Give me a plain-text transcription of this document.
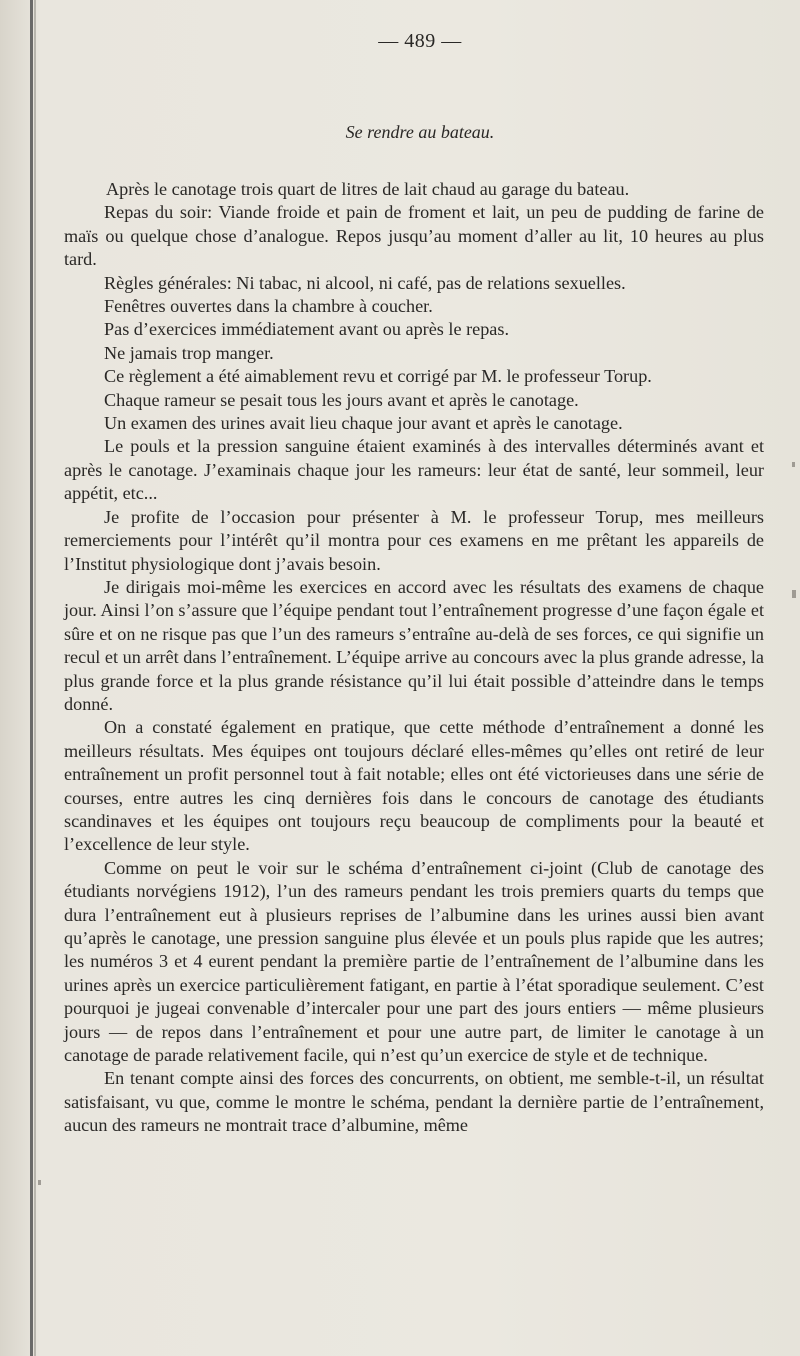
— 489 —
Se rendre au bateau.

Après le canotage trois quart de litres de lait chaud au garage du bateau.

Repas du soir: Viande froide et pain de froment et lait, un peu de pudding de farine de maïs ou quelque chose d’analogue. Repos jusqu’au moment d’aller au lit, 10 heures au plus tard.

Règles générales: Ni tabac, ni alcool, ni café, pas de relations sexuelles.

Fenêtres ouvertes dans la chambre à coucher.

Pas d’exercices immédiatement avant ou après le repas.

Ne jamais trop manger.

Ce règlement a été aimablement revu et corrigé par M. le professeur Torup.

Chaque rameur se pesait tous les jours avant et après le canotage.

Un examen des urines avait lieu chaque jour avant et après le canotage.

Le pouls et la pression sanguine étaient examinés à des intervalles déterminés avant et après le canotage. J’examinais chaque jour les rameurs: leur état de santé, leur sommeil, leur appétit, etc...

Je profite de l’occasion pour présenter à M. le professeur Torup, mes meilleurs remerciements pour l’intérêt qu’il montra pour ces examens en me prêtant les appareils de l’Institut physiologique dont j’avais besoin.

Je dirigais moi-même les exercices en accord avec les résultats des examens de chaque jour. Ainsi l’on s’assure que l’équipe pendant tout l’entraînement progresse d’une façon égale et sûre et on ne risque pas que l’un des rameurs s’entraîne au-delà de ses forces, ce qui signifie un recul et un arrêt dans l’entraînement. L’équipe arrive au concours avec la plus grande adresse, la plus grande force et la plus grande résistance qu’il lui était possible d’atteindre dans le temps donné.

On a constaté également en pratique, que cette méthode d’entraînement a donné les meilleurs résultats. Mes équipes ont toujours déclaré elles-mêmes qu’elles ont retiré de leur entraînement un profit personnel tout à fait notable; elles ont été victorieuses dans une série de courses, entre autres les cinq dernières fois dans le concours de canotage des étudiants scandinaves et les équipes ont toujours reçu beaucoup de compliments pour la beauté et l’excellence de leur style.

Comme on peut le voir sur le schéma d’entraînement ci-joint (Club de canotage des étudiants norvégiens 1912), l’un des rameurs pendant les trois premiers quarts du temps que dura l’entraînement eut à plusieurs reprises de l’albumine dans les urines aussi bien avant qu’après le canotage, une pression sanguine plus élevée et un pouls plus rapide que les autres; les numéros 3 et 4 eurent pendant la première partie de l’entraînement de l’albumine dans les urines après un exercice particulièrement fatigant, en partie à l’état sporadique seulement. C’est pourquoi je jugeai convenable d’intercaler pour une part des jours entiers — même plusieurs jours — de repos dans l’entraînement et pour une autre part, de limiter le canotage à un canotage de parade relativement facile, qui n’est qu’un exercice de style et de technique.

En tenant compte ainsi des forces des concurrents, on obtient, me semble-t-il, un résultat satisfaisant, vu que, comme le montre le schéma, pendant la dernière partie de l’entraînement, aucun des rameurs ne montrait trace d’albumine, même
